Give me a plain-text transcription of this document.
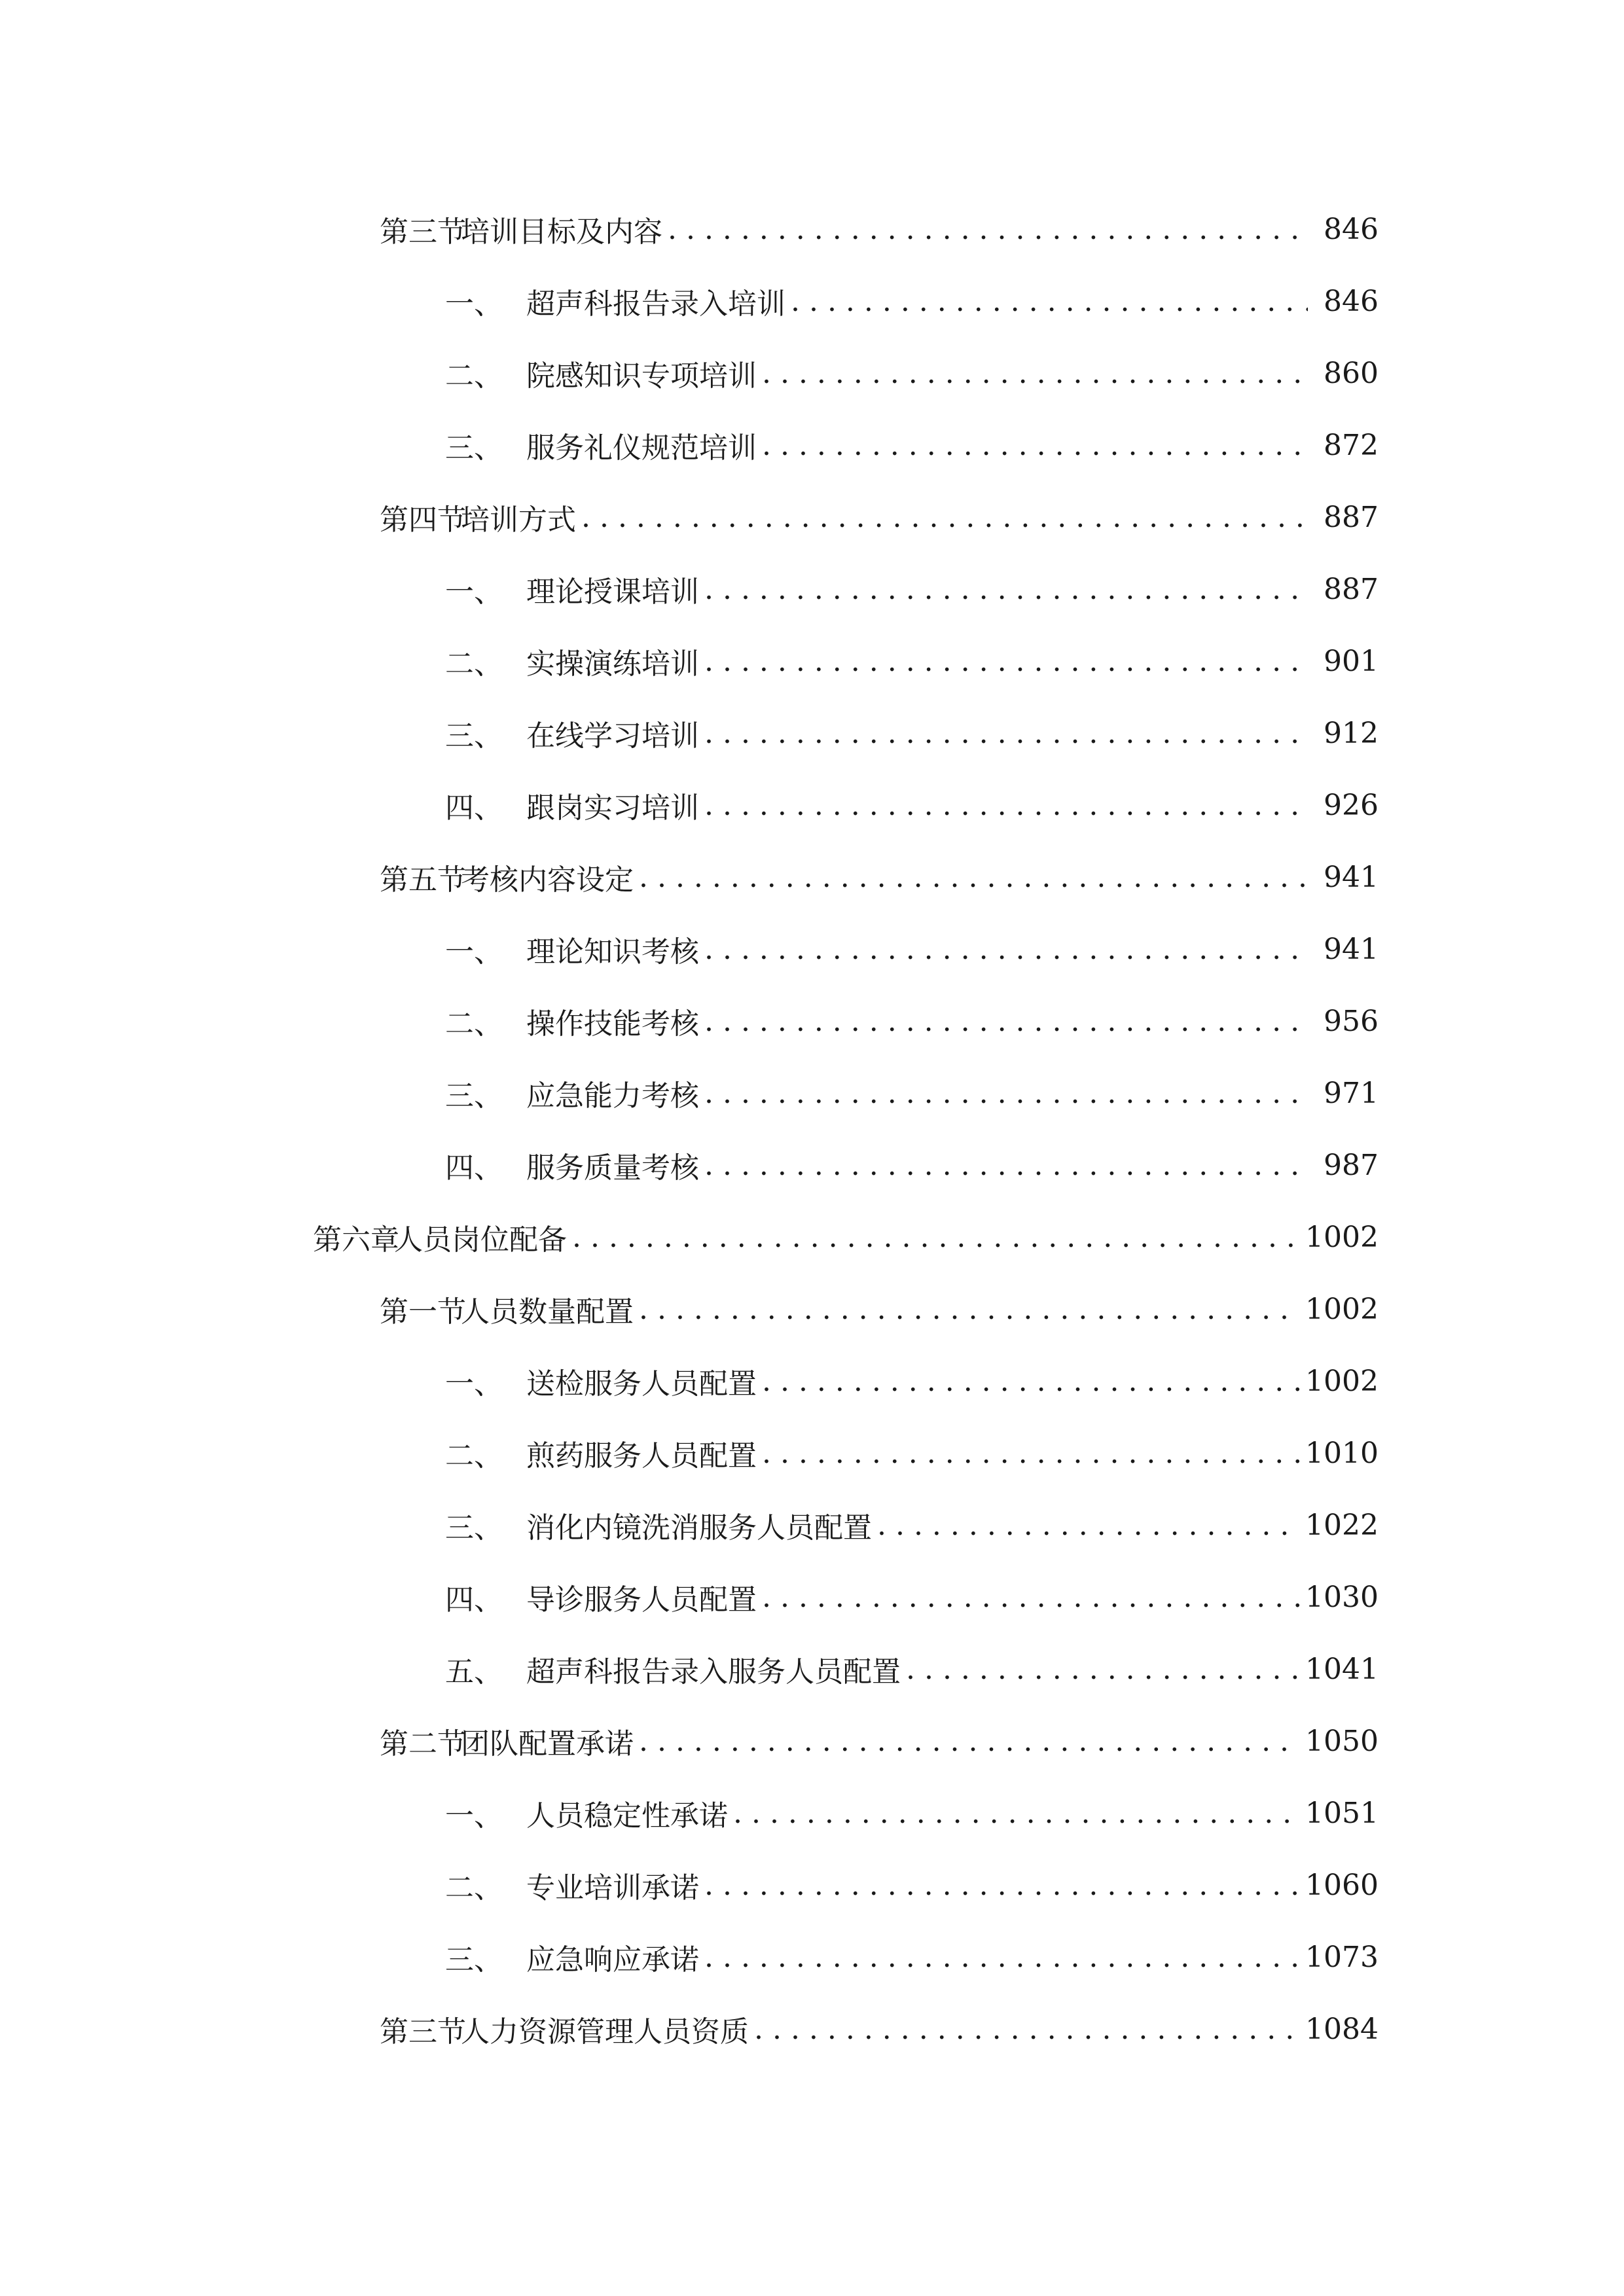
第三节培训目标及内容 . . .	846
一、 超声科报告录入培训 . . .	846
二、 院感知识专项培训 . . .	860
三、 服务礼仪规范培训 . . .	872
第四节培训方式 . . .	887
一、 理论授课培训 . . .	887
二、 实操演练培训 . . .	901
三、 在线学习培训 . . .	912
四、 跟岗实习培训 . . .	926
第五节考核内容设定 . . .	941
一、 理论知识考核 . . .	941
二、 操作技能考核 . . .	956
三、 应急能力考核 . . .	971
四、 服务质量考核 . . .	987
第六章人员岗位配备 . . .	1002
第一节人员数量配置 . . .	1002
一、 送检服务人员配置 . . .	1002
二、 煎药服务人员配置 . . .	1010
三、 消化内镜洗消服务人员配置 . . .	1022
四、 导诊服务人员配置 . . .	1030
五、 超声科报告录入服务人员配置 . . .	1041
第二节团队配置承诺 . . .	1050
一、 人员稳定性承诺 . . .	1051
二、 专业培训承诺 . . .	1060
三、 应急响应承诺 . . .	1073
第三节人力资源管理人员资质 . . .	1084
